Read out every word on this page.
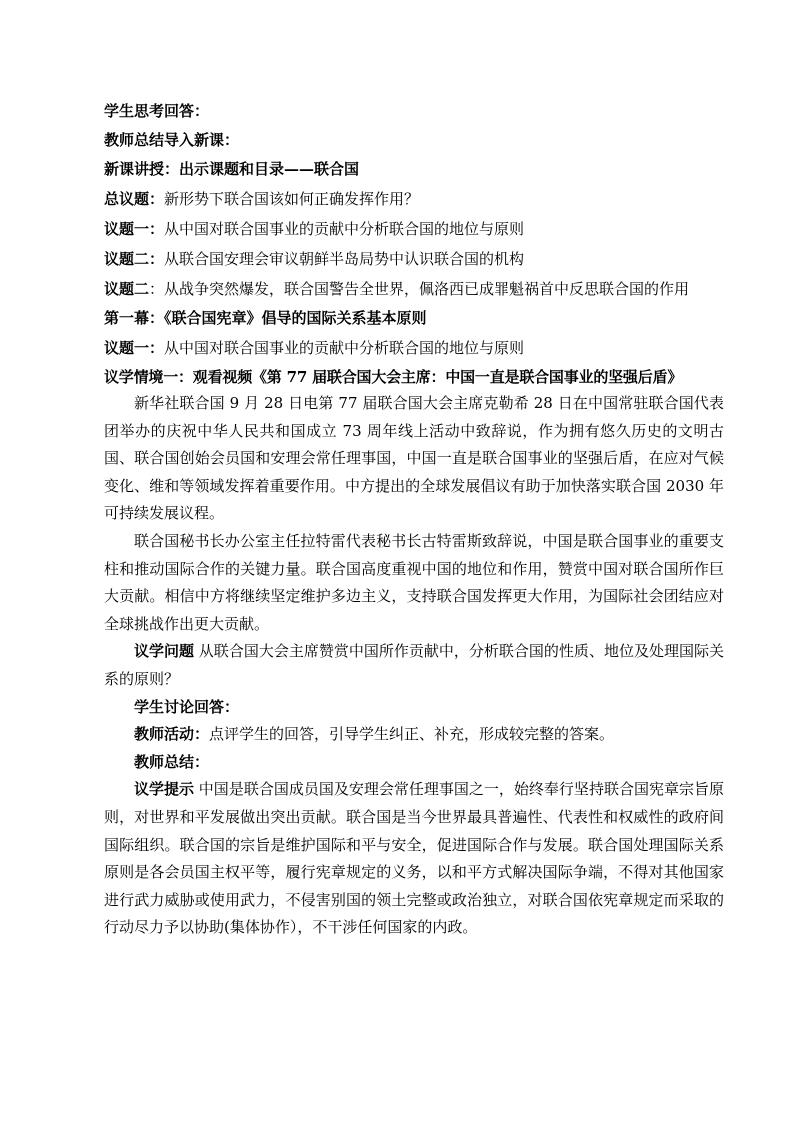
学生思考回答：

教师总结导入新课：

新课讲授：出示课题和目录——联合国

总议题：新形势下联合国该如何正确发挥作用？

议题一：从中国对联合国事业的贡献中分析联合国的地位与原则

议题二：从联合国安理会审议朝鲜半岛局势中认识联合国的机构

议题二：从战争突然爆发，联合国警告全世界，佩洛西已成罪魁祸首中反思联合国的作用

第一幕：《联合国宪章》倡导的国际关系基本原则

议题一：从中国对联合国事业的贡献中分析联合国的地位与原则

议学情境一：观看视频《第 77 届联合国大会主席：中国一直是联合国事业的坚强后盾》

新华社联合国 9 月 28 日电第 77 届联合国大会主席克勒希 28 日在中国常驻联合国代表团举办的庆祝中华人民共和国成立 73 周年线上活动中致辞说，作为拥有悠久历史的文明古国、联合国创始会员国和安理会常任理事国，中国一直是联合国事业的坚强后盾，在应对气候变化、维和等领域发挥着重要作用。中方提出的全球发展倡议有助于加快落实联合国 2030 年可持续发展议程。

联合国秘书长办公室主任拉特雷代表秘书长古特雷斯致辞说，中国是联合国事业的重要支柱和推动国际合作的关键力量。联合国高度重视中国的地位和作用，赞赏中国对联合国所作巨大贡献。相信中方将继续坚定维护多边主义，支持联合国发挥更大作用，为国际社会团结应对全球挑战作出更大贡献。

议学问题 从联合国大会主席赞赏中国所作贡献中，分析联合国的性质、地位及处理国际关系的原则？

学生讨论回答：

教师活动：点评学生的回答，引导学生纠正、补充，形成较完整的答案。

教师总结：

议学提示 中国是联合国成员国及安理会常任理事国之一，始终奉行坚持联合国宪章宗旨原则，对世界和平发展做出突出贡献。联合国是当今世界最具普遍性、代表性和权威性的政府间国际组织。联合国的宗旨是维护国际和平与安全，促进国际合作与发展。联合国处理国际关系原则是各会员国主权平等，履行宪章规定的义务，以和平方式解决国际争端，不得对其他国家进行武力威胁或使用武力，不侵害别国的领土完整或政治独立，对联合国依宪章规定而采取的行动尽力予以协助(集体协作），不干涉任何国家的内政。
